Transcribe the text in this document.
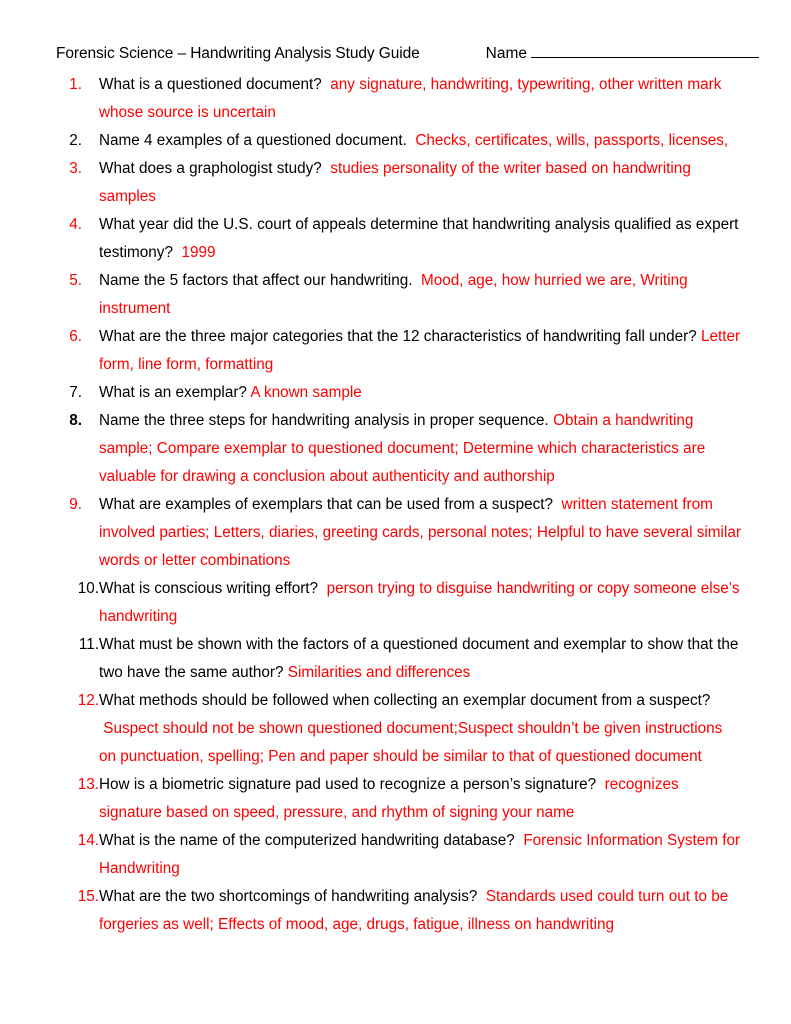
Forensic Science – Handwriting Analysis Study Guide	Name
1. What is a questioned document? any signature, handwriting, typewriting, other written mark whose source is uncertain
2. Name 4 examples of a questioned document. Checks, certificates, wills, passports, licenses,
3. What does a graphologist study? studies personality of the writer based on handwriting samples
4. What year did the U.S. court of appeals determine that handwriting analysis qualified as expert testimony? 1999
5. Name the 5 factors that affect our handwriting. Mood, age, how hurried we are, Writing instrument
6. What are the three major categories that the 12 characteristics of handwriting fall under? Letter form, line form, formatting
7. What is an exemplar? A known sample
8. Name the three steps for handwriting analysis in proper sequence. Obtain a handwriting sample; Compare exemplar to questioned document; Determine which characteristics are valuable for drawing a conclusion about authenticity and authorship
9. What are examples of exemplars that can be used from a suspect? written statement from involved parties; Letters, diaries, greeting cards, personal notes; Helpful to have several similar words or letter combinations
10. What is conscious writing effort? person trying to disguise handwriting or copy someone else’s handwriting
11. What must be shown with the factors of a questioned document and exemplar to show that the two have the same author? Similarities and differences
12. What methods should be followed when collecting an exemplar document from a suspect? Suspect should not be shown questioned document;Suspect shouldn’t be given instructions on punctuation, spelling; Pen and paper should be similar to that of questioned document
13. How is a biometric signature pad used to recognize a person’s signature? recognizes signature based on speed, pressure, and rhythm of signing your name
14. What is the name of the computerized handwriting database? Forensic Information System for Handwriting
15. What are the two shortcomings of handwriting analysis? Standards used could turn out to be forgeries as well; Effects of mood, age, drugs, fatigue, illness on handwriting
